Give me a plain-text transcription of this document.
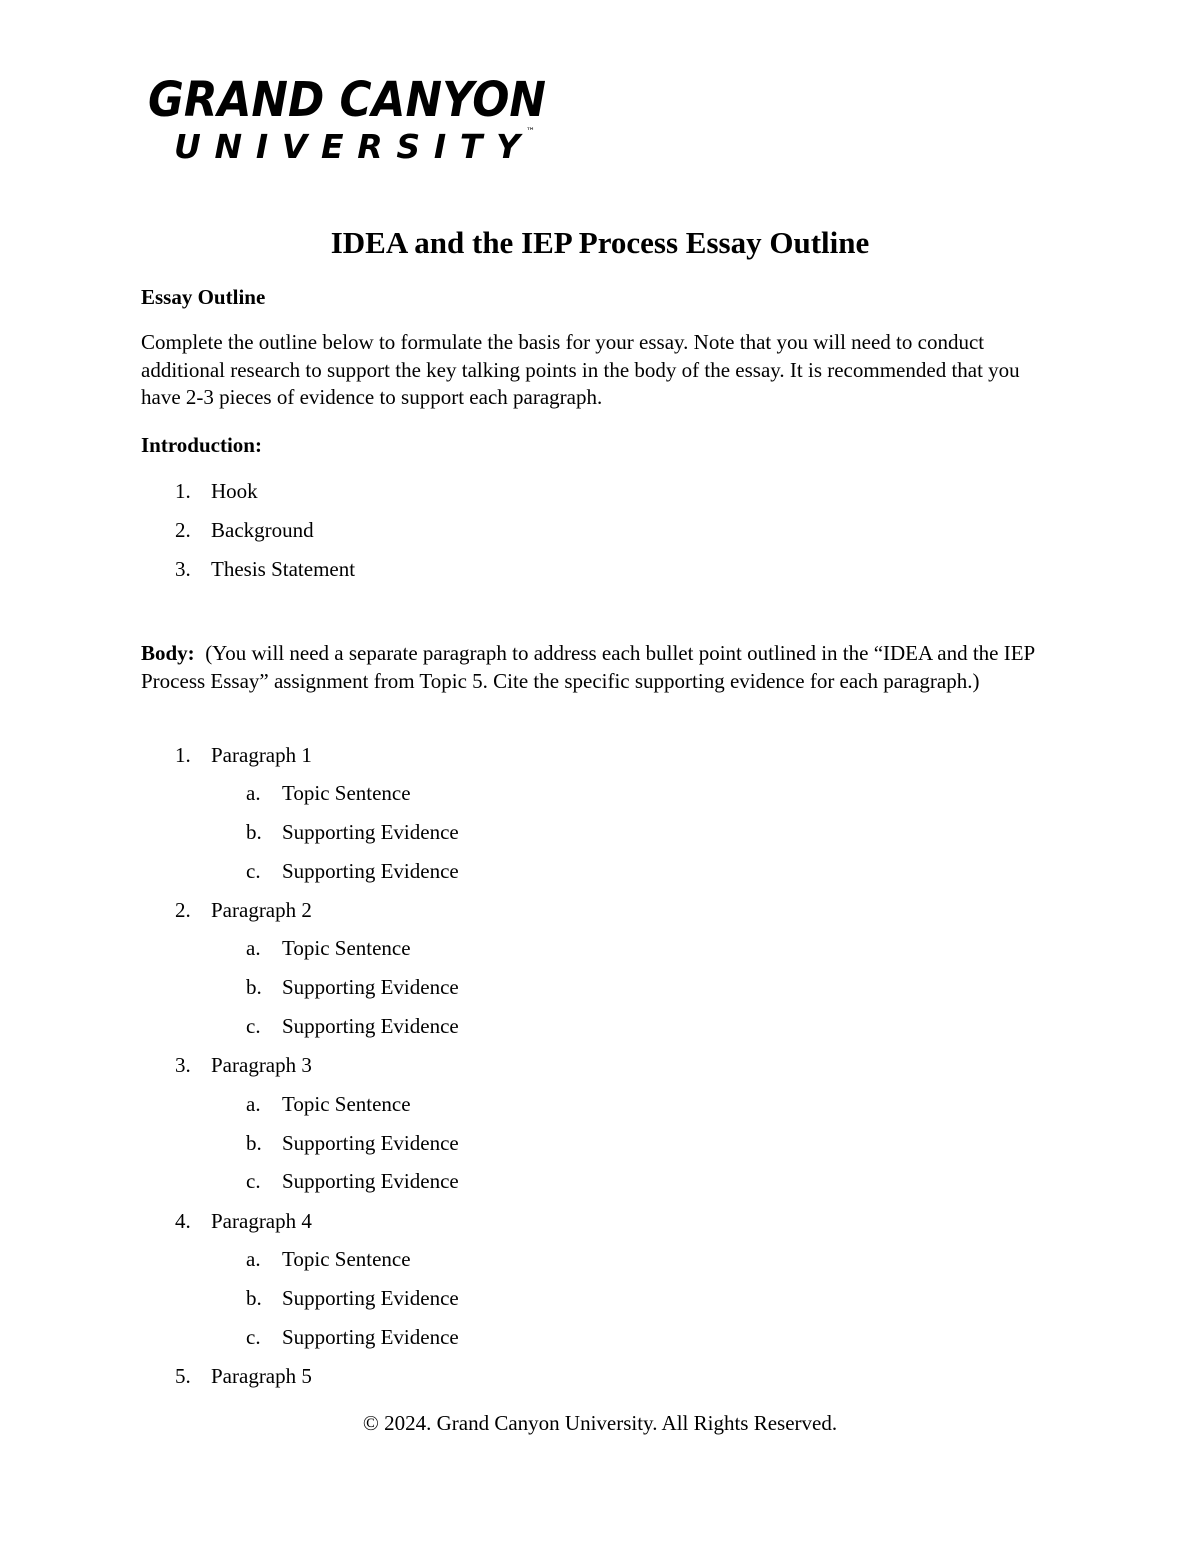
GRAND CANYON
UNIVERSITY ™
IDEA and the IEP Process Essay Outline
Essay Outline
Complete the outline below to formulate the basis for your essay. Note that you will need to conduct additional research to support the key talking points in the body of the essay. It is recommended that you have 2-3 pieces of evidence to support each paragraph.
Introduction:
1. Hook
2. Background
3. Thesis Statement
Body: (You will need a separate paragraph to address each bullet point outlined in the “IDEA and the IEP Process Essay” assignment from Topic 5. Cite the specific supporting evidence for each paragraph.)
1. Paragraph 1
a. Topic Sentence
b. Supporting Evidence
c. Supporting Evidence
2. Paragraph 2
a. Topic Sentence
b. Supporting Evidence
c. Supporting Evidence
3. Paragraph 3
a. Topic Sentence
b. Supporting Evidence
c. Supporting Evidence
4. Paragraph 4
a. Topic Sentence
b. Supporting Evidence
c. Supporting Evidence
5. Paragraph 5
© 2024. Grand Canyon University. All Rights Reserved.
